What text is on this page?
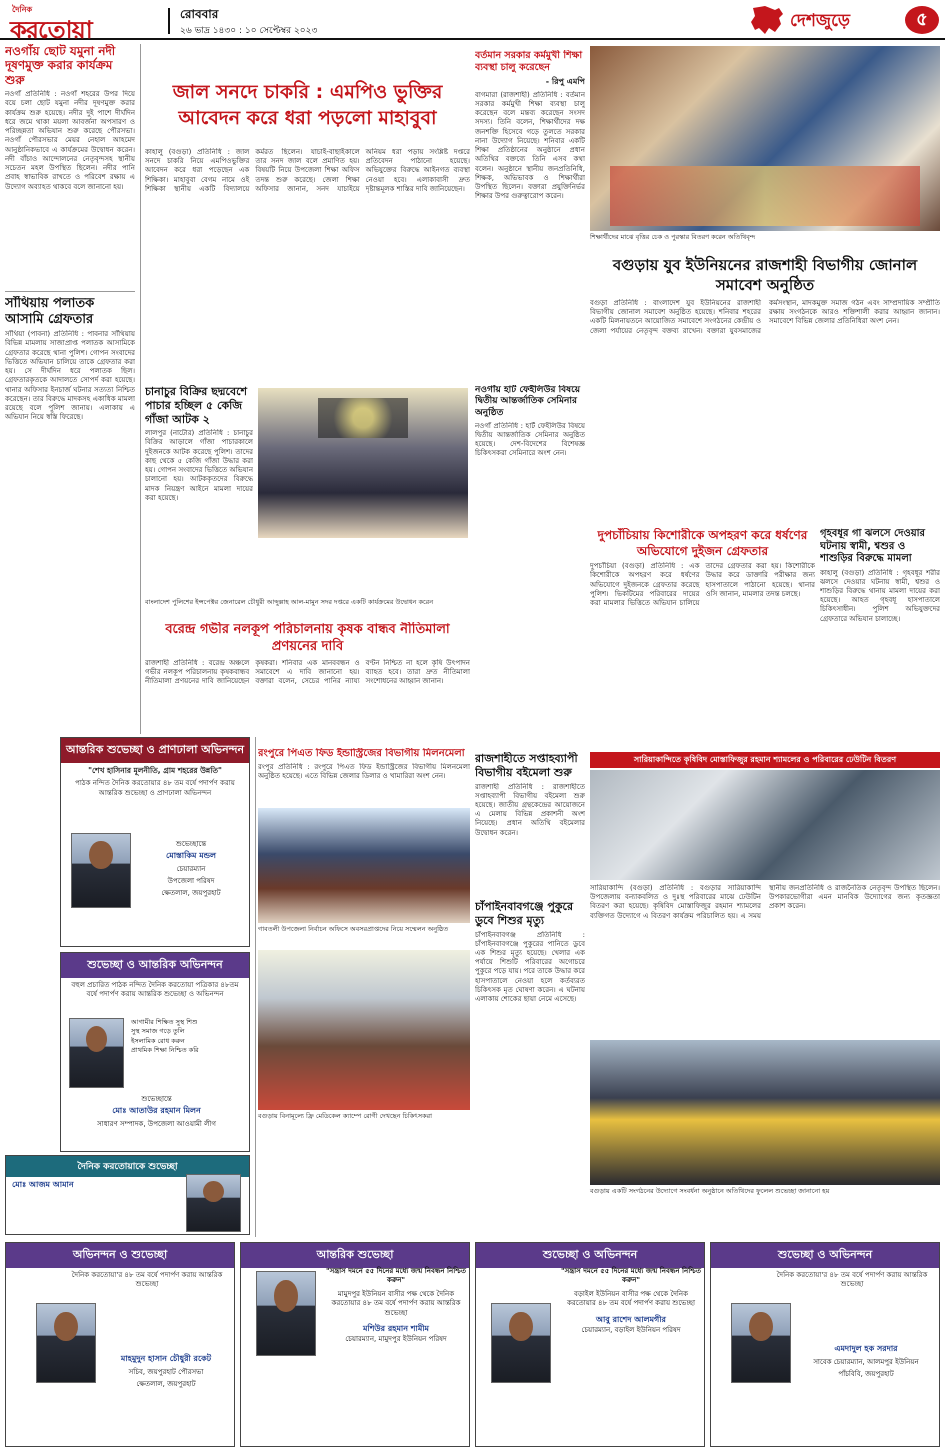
দৈনিক
করতোয়া
রোববার
২৬ ভাদ্র ১৪৩০ : ১০ সেপ্টেম্বর ২০২৩	দেশজুড়ে	৫
নওগাঁয় ছোট যমুনা নদী দূষণমুক্ত করার কার্যক্রম শুরু
নওগাঁ প্রতিনিধি : নওগাঁ শহরের উপর দিয়ে বয়ে চলা ছোট যমুনা নদীর দূষণমুক্ত করার কার্যক্রম শুরু হয়েছে। নদীর দুই পাশে দীর্ঘদিন ধরে জমে থাকা ময়লা আবর্জনা অপসারণ ও পরিচ্ছন্নতা অভিযান শুরু করেছে পৌরসভা। নওগাঁ পৌরসভার মেয়র নেহাল আহমেদ আনুষ্ঠানিকভাবে এ কার্যক্রমের উদ্বোধন করেন। নদী বাঁচাও আন্দোলনের নেতৃবৃন্দসহ স্থানীয় সচেতন মহল উপস্থিত ছিলেন। নদীর পানি প্রবাহ স্বাভাবিক রাখতে ও পরিবেশ রক্ষায় এ উদ্যোগ অব্যাহত থাকবে বলে জানানো হয়।
সাঁথিয়ায় পলাতক আসামি গ্রেফতার
সাঁথিয়া (পাবনা) প্রতিনিধি : পাবনার সাঁথিয়ায় বিভিন্ন মামলায় সাজাপ্রাপ্ত পলাতক আসামিকে গ্রেফতার করেছে থানা পুলিশ। গোপন সংবাদের ভিত্তিতে অভিযান চালিয়ে তাকে গ্রেফতার করা হয়। সে দীর্ঘদিন ধরে পলাতক ছিল। গ্রেফতারকৃতকে আদালতে সোপর্দ করা হয়েছে। থানার অফিসার ইনচার্জ ঘটনার সত্যতা নিশ্চিত করেছেন। তার বিরুদ্ধে মাদকসহ একাধিক মামলা রয়েছে বলে পুলিশ জানায়। এলাকায় এ অভিযান নিয়ে স্বস্তি ফিরেছে।
জাল সনদে চাকরি : এমপিও ভুক্তির আবেদন করে ধরা পড়লো মাহাবুবা
কাহালু (বগুড়া) প্রতিনিধি : জাল সনদে চাকরি নিয়ে এমপিওভুক্তির আবেদন করে ধরা পড়েছেন এক শিক্ষিকা। মাহাবুবা বেগম নামে ওই শিক্ষিকা স্থানীয় একটি বিদ্যালয়ে কর্মরত ছিলেন। যাচাই-বাছাইকালে তার সনদ জাল বলে প্রমাণিত হয়। বিষয়টি নিয়ে উপজেলা শিক্ষা অফিস তদন্ত শুরু করেছে। জেলা শিক্ষা অফিসার জানান, সনদ যাচাইয়ে অনিয়ম ধরা পড়ায় সংশ্লিষ্ট দপ্তরে প্রতিবেদন পাঠানো হয়েছে। অভিযুক্তের বিরুদ্ধে আইনগত ব্যবস্থা নেওয়া হবে। এলাকাবাসী দ্রুত দৃষ্টান্তমূলক শাস্তির দাবি জানিয়েছেন।
বর্তমান সরকার কর্মমুখী শিক্ষা ব্যবস্থা চালু করেছেন
- রিপু এমপি
বাগমারা (রাজশাহী) প্রতিনিধি : বর্তমান সরকার কর্মমুখী শিক্ষা ব্যবস্থা চালু করেছেন বলে মন্তব্য করেছেন সংসদ সদস্য। তিনি বলেন, শিক্ষার্থীদের দক্ষ জনশক্তি হিসেবে গড়ে তুলতে সরকার নানা উদ্যোগ নিয়েছে। শনিবার একটি শিক্ষা প্রতিষ্ঠানের অনুষ্ঠানে প্রধান অতিথির বক্তব্যে তিনি এসব কথা বলেন। অনুষ্ঠানে স্থানীয় জনপ্রতিনিধি, শিক্ষক, অভিভাবক ও শিক্ষার্থীরা উপস্থিত ছিলেন। বক্তারা প্রযুক্তিনির্ভর শিক্ষার উপর গুরুত্বারোপ করেন।
শিক্ষার্থীদের মাঝে বৃত্তির চেক ও পুরস্কার বিতরণ করেন অতিথিবৃন্দ
বগুড়ায় যুব ইউনিয়নের রাজশাহী বিভাগীয় জোনাল সমাবেশ অনুষ্ঠিত
বগুড়া প্রতিনিধি : বাংলাদেশ যুব ইউনিয়নের রাজশাহী বিভাগীয় জোনাল সমাবেশ অনুষ্ঠিত হয়েছে। শনিবার শহরের একটি মিলনায়তনে আয়োজিত সমাবেশে সংগঠনের কেন্দ্রীয় ও জেলা পর্যায়ের নেতৃবৃন্দ বক্তব্য রাখেন। বক্তারা যুবসমাজের কর্মসংস্থান, মাদকমুক্ত সমাজ গঠন এবং সাম্প্রদায়িক সম্প্রীতি রক্ষায় সংগঠনকে আরও শক্তিশালী করার আহ্বান জানান। সমাবেশে বিভিন্ন জেলার প্রতিনিধিরা অংশ নেন।
চানাচুর বিক্রির ছদ্মবেশে পাচার হচ্ছিল ৫ কেজি গাঁজা আটক ২
লালপুর (নাটোর) প্রতিনিধি : চানাচুর বিক্রির আড়ালে গাঁজা পাচারকালে দুইজনকে আটক করেছে পুলিশ। তাদের কাছ থেকে ৫ কেজি গাঁজা উদ্ধার করা হয়। গোপন সংবাদের ভিত্তিতে অভিযান চালানো হয়। আটককৃতদের বিরুদ্ধে মাদক নিয়ন্ত্রণ আইনে মামলা দায়ের করা হয়েছে।
বাংলাদেশ পুলিশের ইন্সপেক্টর জেনারেল চৌধুরী আব্দুল্লাহ আল-মামুন সদর দপ্তরে একটি কার্যক্রমের উদ্বোধন করেন
নওগাঁয় হার্ট ফেইলিউর বিষয়ে দ্বিতীয় আন্তর্জাতিক সেমিনার অনুষ্ঠিত
নওগাঁ প্রতিনিধি : হার্ট ফেইলিউর বিষয়ে দ্বিতীয় আন্তর্জাতিক সেমিনার অনুষ্ঠিত হয়েছে। দেশ-বিদেশের বিশেষজ্ঞ চিকিৎসকরা সেমিনারে অংশ নেন।
বরেন্দ্র গভীর নলকূপ পরিচালনায় কৃষক বান্ধব নীতিমালা প্রণয়নের দাবি
রাজশাহী প্রতিনিধি : বরেন্দ্র অঞ্চলে গভীর নলকূপ পরিচালনায় কৃষকবান্ধব নীতিমালা প্রণয়নের দাবি জানিয়েছেন কৃষকরা। শনিবার এক মানববন্ধন ও সমাবেশে এ দাবি জানানো হয়। বক্তারা বলেন, সেচের পানির ন্যায্য বণ্টন নিশ্চিত না হলে কৃষি উৎপাদন ব্যাহত হবে। তারা দ্রুত নীতিমালা সংশোধনের আহ্বান জানান।
দুপচাঁচিয়ায় কিশোরীকে অপহরণ করে ধর্ষণের অভিযোগে দুইজন গ্রেফতার
দুপচাঁচিয়া (বগুড়া) প্রতিনিধি : এক কিশোরীকে অপহরণ করে ধর্ষণের অভিযোগে দুইজনকে গ্রেফতার করেছে পুলিশ। ভিকটিমের পরিবারের দায়ের করা মামলার ভিত্তিতে অভিযান চালিয়ে তাদের গ্রেফতার করা হয়। কিশোরীকে উদ্ধার করে ডাক্তারি পরীক্ষার জন্য হাসপাতালে পাঠানো হয়েছে। থানার ওসি জানান, মামলার তদন্ত চলছে।
গৃহবধূর গা ঝলসে দেওয়ার ঘটনায় স্বামী, শ্বশুর ও শাশুড়ির বিরুদ্ধে মামলা
কাহালু (বগুড়া) প্রতিনিধি : গৃহবধূর শরীর ঝলসে দেওয়ার ঘটনায় স্বামী, শ্বশুর ও শাশুড়ির বিরুদ্ধে থানায় মামলা দায়ের করা হয়েছে। আহত গৃহবধূ হাসপাতালে চিকিৎসাধীন। পুলিশ অভিযুক্তদের গ্রেফতারে অভিযান চালাচ্ছে।
রংপুরে পিএত ফিড ইন্ডাস্ট্রিজের বিভাগীয় মিলনমেলা
রংপুর প্রতিনিধি : রংপুরে পিএত ফিড ইন্ডাস্ট্রিজের বিভাগীয় মিলনমেলা অনুষ্ঠিত হয়েছে। এতে বিভিন্ন জেলার ডিলার ও খামারিরা অংশ নেন।
রাজশাহীতে সপ্তাহব্যাপী বিভাগীয় বইমেলা শুরু
রাজশাহী প্রতিনিধি : রাজশাহীতে সপ্তাহব্যাপী বিভাগীয় বইমেলা শুরু হয়েছে। জাতীয় গ্রন্থকেন্দ্রের আয়োজনে এ মেলায় বিভিন্ন প্রকাশনী অংশ নিয়েছে। প্রধান অতিথি বইমেলার উদ্বোধন করেন।
সারিয়াকান্দিতে কৃষিবিদ মোস্তাফিজুর রহমান শ্যামলের ও পরিবারের ঢেউটিন বিতরণ
সারিয়াকান্দি (বগুড়া) প্রতিনিধি : বগুড়ার সারিয়াকান্দি উপজেলায় বন্যাকবলিত ও দুঃস্থ পরিবারের মাঝে ঢেউটিন বিতরণ করা হয়েছে। কৃষিবিদ মোস্তাফিজুর রহমান শ্যামলের ব্যক্তিগত উদ্যোগে এ বিতরণ কার্যক্রম পরিচালিত হয়। এ সময় স্থানীয় জনপ্রতিনিধি ও রাজনৈতিক নেতৃবৃন্দ উপস্থিত ছিলেন। উপকারভোগীরা এমন মানবিক উদ্যোগের জন্য কৃতজ্ঞতা প্রকাশ করেন।
চাঁপাইনবাবগঞ্জে পুকুরে ডুবে শিশুর মৃত্যু
চাঁপাইনবাবগঞ্জ প্রতিনিধি : চাঁপাইনবাবগঞ্জে পুকুরের পানিতে ডুবে এক শিশুর মৃত্যু হয়েছে। খেলার এক পর্যায়ে শিশুটি পরিবারের অগোচরে পুকুরে পড়ে যায়। পরে তাকে উদ্ধার করে হাসপাতালে নেওয়া হলে কর্তব্যরত চিকিৎসক মৃত ঘোষণা করেন। এ ঘটনায় এলাকায় শোকের ছায়া নেমে এসেছে।
গাবতলী উপজেলা নির্বাচন অফিসে অবসরপ্রাপ্তদের নিয়ে সম্মেলন অনুষ্ঠিত
বগুড়ায় বিনামূল্যে ফ্রি মেডিকেল ক্যাম্পে রোগী দেখছেন চিকিৎসকরা
বগুড়ায় একটি সংগঠনের উদ্যোগে সংবর্ধনা অনুষ্ঠানে অতিথিদের ফুলেল শুভেচ্ছা জানানো হয়
আন্তরিক শুভেচ্ছা ও প্রাণঢালা অভিনন্দন
"শেখ হাসিনার মূলনীতি, গ্রাম শহরের উন্নতি"
পাঠক নন্দিত দৈনিক করতোয়ার ৪৮ তম বর্ষে পদার্পণ করায় আন্তরিক শুভেচ্ছা ও প্রাণঢালা অভিনন্দন
শুভেচ্ছান্তে
মোস্তাকিম মন্ডল
চেয়ারম্যান
উপজেলা পরিষদ
ক্ষেতলাল, জয়পুরহাট
শুভেচ্ছা ও আন্তরিক অভিনন্দন
বহুল প্রচারিত পাঠক নন্দিত দৈনিক করতোয়া পত্রিকার ৪৮তম বর্ষে পদার্পণ করায় আন্তরিক শুভেচ্ছা ও অভিনন্দন
আগামীর শিক্ষিত সুস্থ শিশু
সুস্থ সমাজ গড়ে তুলি
ইসলামিক রোধ করুন
প্রাথমিক শিক্ষা নিশ্চিত করি
শুভেচ্ছান্তে
মোঃ আতাউর রহমান মিলন
সাধারণ সম্পাদক, উপজেলা আওয়ামী লীগ
দৈনিক করতোয়াকে শুভেচ্ছা
মোঃ আজম আমান
অভিনন্দন ও শুভেচ্ছা
দৈনিক করতোয়া'র ৪৮ তম বর্ষে পদার্পণ করায় আন্তরিক শুভেচ্ছা
মাহমুদুন হাসান চৌধুরী রকেট
সচিব, জয়পুরহাট পৌরসভা
ক্ষেতলাল, জয়পুরহাট
আন্তরিক শুভেচ্ছা
"সন্ত্রাস দমনে ৫৫ দিনের মধ্যে জন্ম নিবন্ধন নিশ্চিত করুন"
মামুদপুর ইউনিয়ন বাসীর পক্ষ থেকে দৈনিক করতোয়ার ৪৮ তম বর্ষে পদার্পণ করায় আন্তরিক শুভেচ্ছা
মশিউর রহমান শামীম
চেয়ারম্যান, মামুদপুর ইউনিয়ন পরিষদ
শুভেচ্ছা ও অভিনন্দন
"সন্ত্রাস দমনে ৫৫ দিনের মধ্যে জন্ম নিবন্ধন নিশ্চিত করুন"
বড়াইল ইউনিয়ন বাসীর পক্ষ থেকে দৈনিক করতোয়ার ৪৮ তম বর্ষে পদার্পণ করায় শুভেচ্ছা
আবু রাশেদ আলমগীর
চেয়ারম্যান, বড়াইল ইউনিয়ন পরিষদ
শুভেচ্ছা ও অভিনন্দন
দৈনিক করতোয়া'র ৪৮ তম বর্ষে পদার্পণ করায় আন্তরিক শুভেচ্ছা
এমদাদুল হক সরদার
সাবেক চেয়ারম্যান, আলমপুর ইউনিয়ন
পাঁচবিবি, জয়পুরহাট
